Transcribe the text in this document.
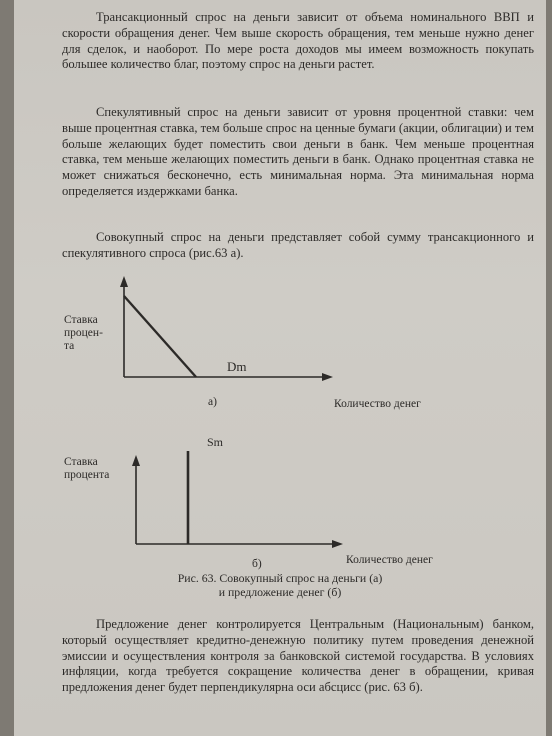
Трансакционный спрос на деньги зависит от объема номинального ВВП и скорости обращения денег. Чем выше скорость обращения, тем меньше нужно денег для сделок, и наоборот. По мере роста доходов мы имеем возможность покупать большее количество благ, поэтому спрос на деньги растет.

Спекулятивный спрос на деньги зависит от уровня процентной ставки: чем выше процентная ставка, тем больше спрос на ценные бумаги (акции, облигации) и тем больше желающих будет поместить свои деньги в банк. Чем меньше процентная ставка, тем меньше желающих поместить деньги в банк. Однако процентная ставка не может снижаться бесконечно, есть минимальная норма. Эта минимальная норма определяется издержками банка.

Совокупный спрос на деньги представляет собой сумму трансакционного и спекулятивного спроса (рис.63 а).

Ставка
процен-
та
Dm
а)	Количество денег
Ставка
процента
Sm
б)	Количество денег
Рис. 63. Совокупный спрос на деньги (а)
и предложение денег (б)

Предложение денег контролируется Центральным (Национальным) банком, который осуществляет кредитно-денежную политику путем проведения денежной эмиссии и осуществления контроля за банковской системой государства. В условиях инфляции, когда требуется сокращение количества денег в обращении, кривая предложения денег будет перпендикулярна оси абсцисс (рис. 63 б).
